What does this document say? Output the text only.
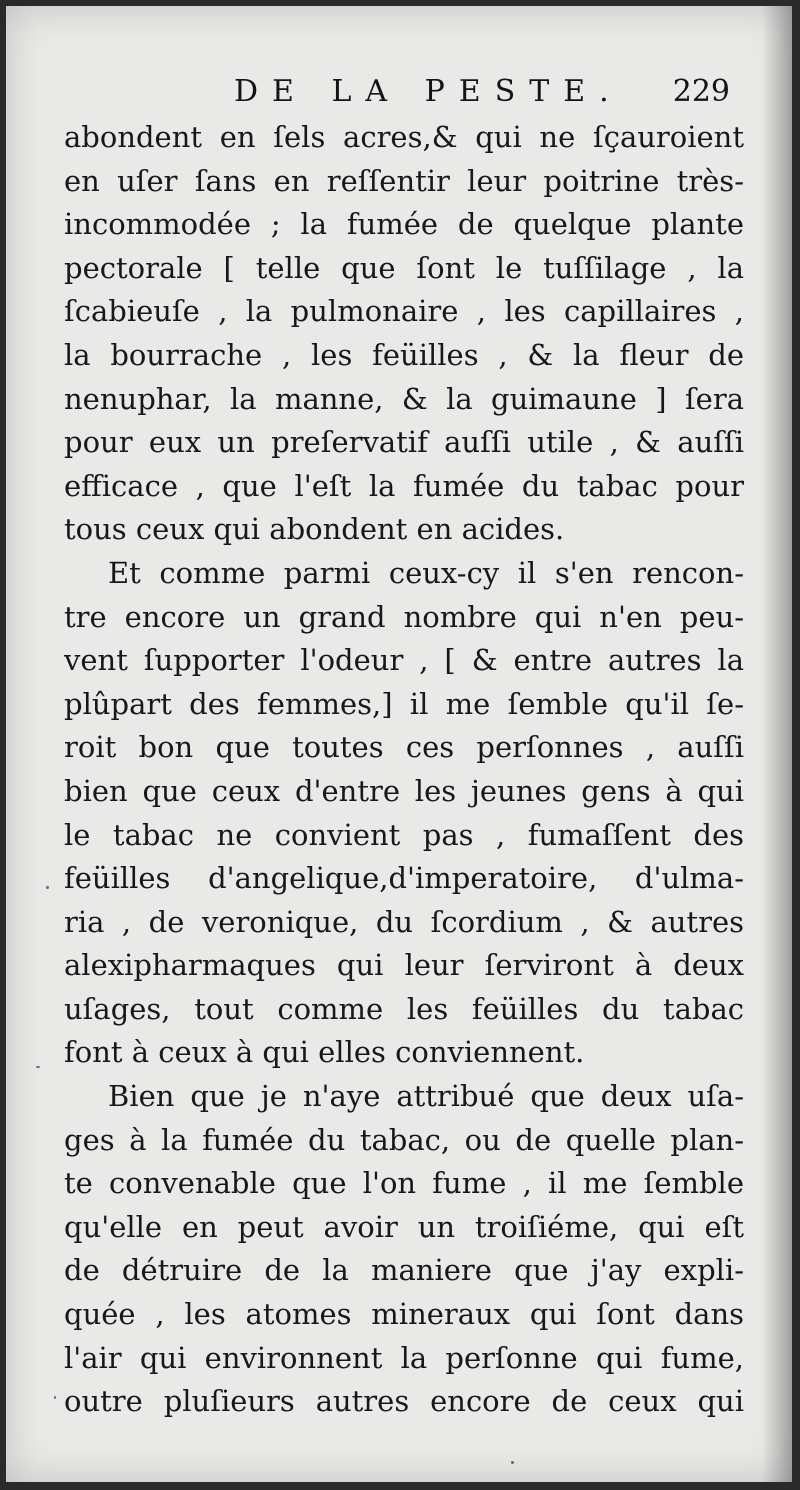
DE LA PESTE. 229
abondent en ſels acres,& qui ne ſçauroient
en uſer ſans en reſſentir leur poitrine très-
incommodée ; la fumée de quelque plante
pectorale [ telle que ſont le tuſſilage , la
ſcabieuſe , la pulmonaire , les capillaires ,
la bourrache , les feüilles , & la fleur de
nenuphar, la manne, & la guimaune ] ſera
pour eux un preſervatif auſſi utile , & auſſi
efficace , que l'eſt la fumée du tabac pour
tous ceux qui abondent en acides.
Et comme parmi ceux-cy il s'en rencon-
tre encore un grand nombre qui n'en peu-
vent ſupporter l'odeur , [ & entre autres la
plûpart des femmes,] il me ſemble qu'il ſe-
roit bon que toutes ces perſonnes , auſſi
bien que ceux d'entre les jeunes gens à qui
le tabac ne convient pas , fumaſſent des
feüilles d'angelique,d'imperatoire, d'ulma-
ria , de veronique, du ſcordium , & autres
alexipharmaques qui leur ſerviront à deux
uſages, tout comme les feüilles du tabac
font à ceux à qui elles conviennent.
Bien que je n'aye attribué que deux uſa-
ges à la fumée du tabac, ou de quelle plan-
te convenable que l'on fume , il me ſemble
qu'elle en peut avoir un troiſiéme, qui eſt
de détruire de la maniere que j'ay expli-
quée , les atomes mineraux qui ſont dans
l'air qui environnent la perſonne qui fume,
outre pluſieurs autres encore de ceux qui
